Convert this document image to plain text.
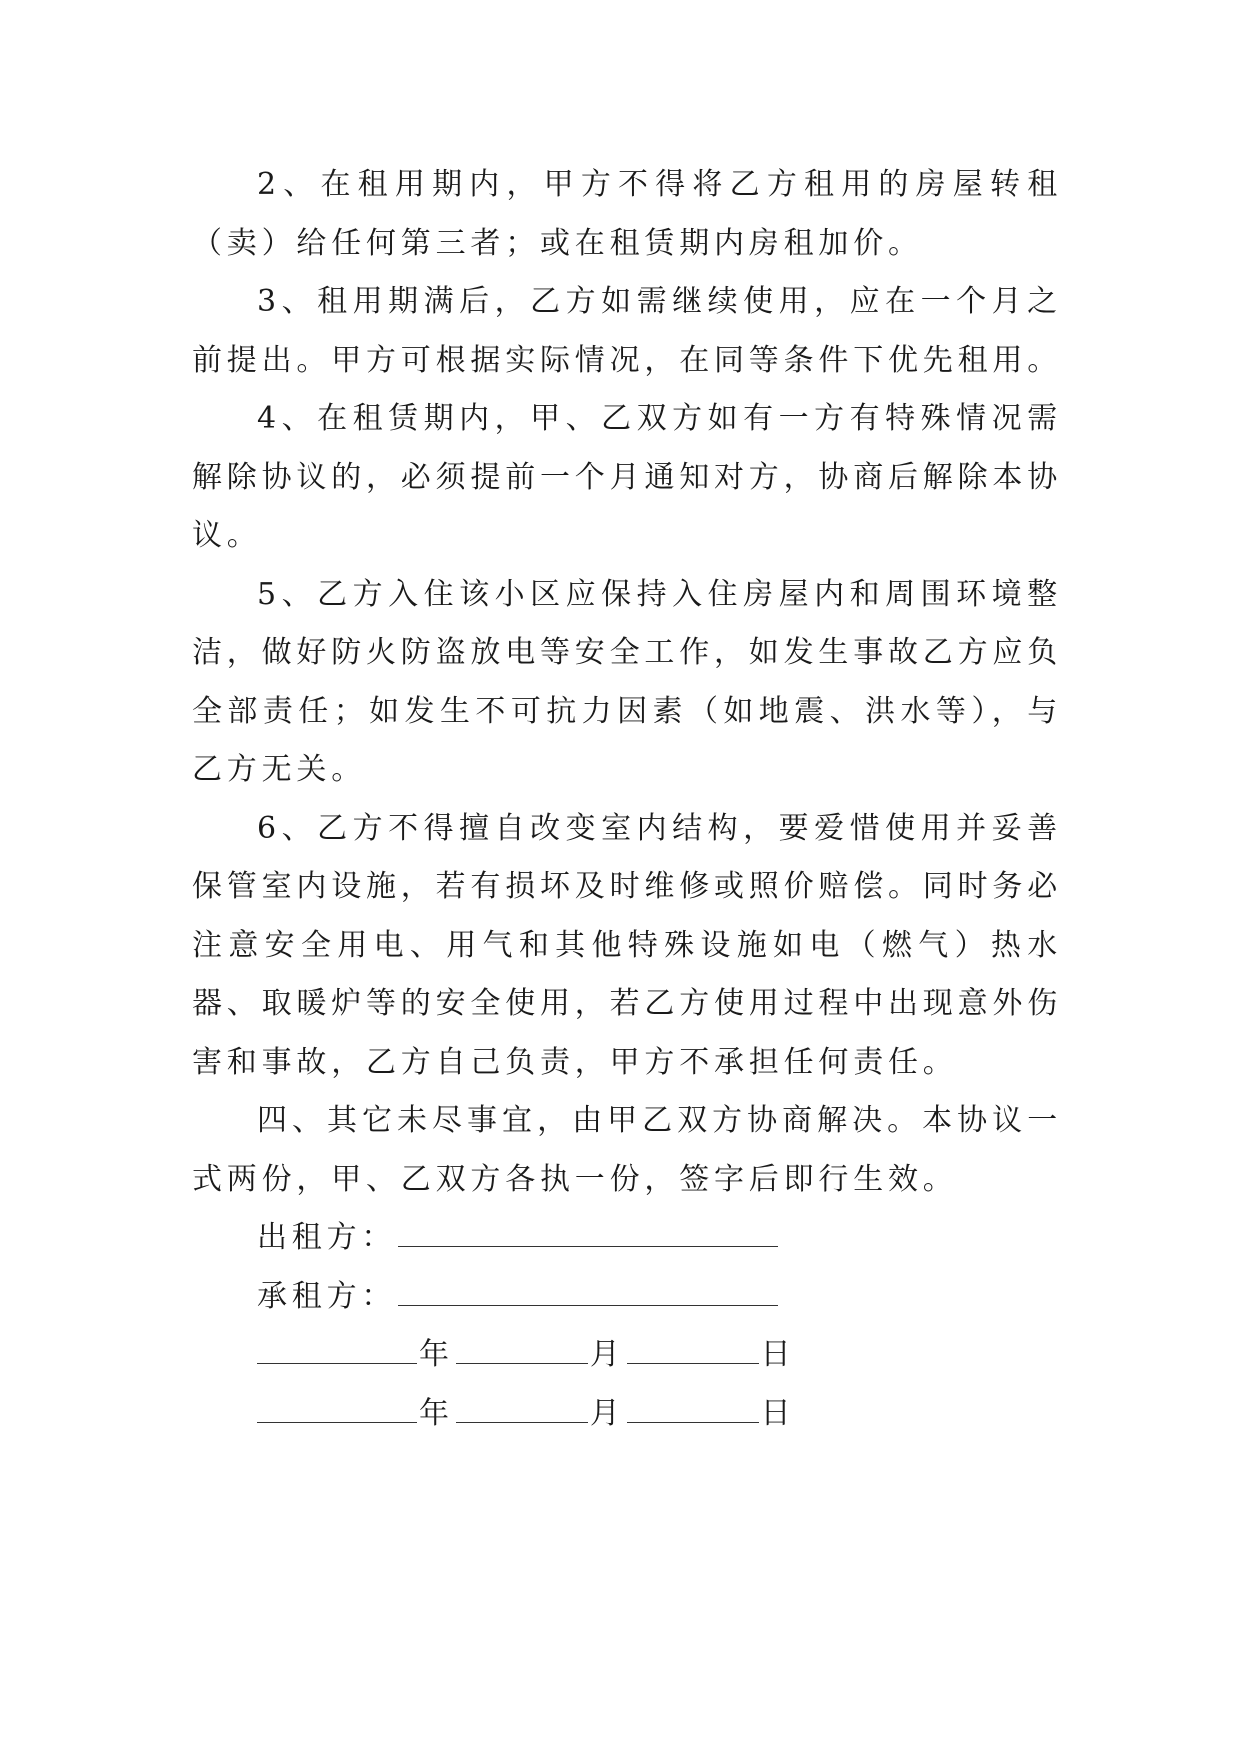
2、在租用期内，甲方不得将乙方租用的房屋转租（卖）给任何第三者；或在租赁期内房租加价。

3、租用期满后，乙方如需继续使用，应在一个月之前提出。甲方可根据实际情况，在同等条件下优先租用。

4、在租赁期内，甲、乙双方如有一方有特殊情况需解除协议的，必须提前一个月通知对方，协商后解除本协议。

5、乙方入住该小区应保持入住房屋内和周围环境整洁，做好防火防盗放电等安全工作，如发生事故乙方应负全部责任；如发生不可抗力因素（如地震、洪水等），与乙方无关。

6、乙方不得擅自改变室内结构，要爱惜使用并妥善保管室内设施，若有损坏及时维修或照价赔偿。同时务必注意安全用电、用气和其他特殊设施如电（燃气）热水器、取暖炉等的安全使用，若乙方使用过程中出现意外伤害和事故，乙方自己负责，甲方不承担任何责任。

四、其它未尽事宜，由甲乙双方协商解决。本协议一式两份，甲、乙双方各执一份，签字后即行生效。

出租方：

承租方：

年	月	日

年	月	日
